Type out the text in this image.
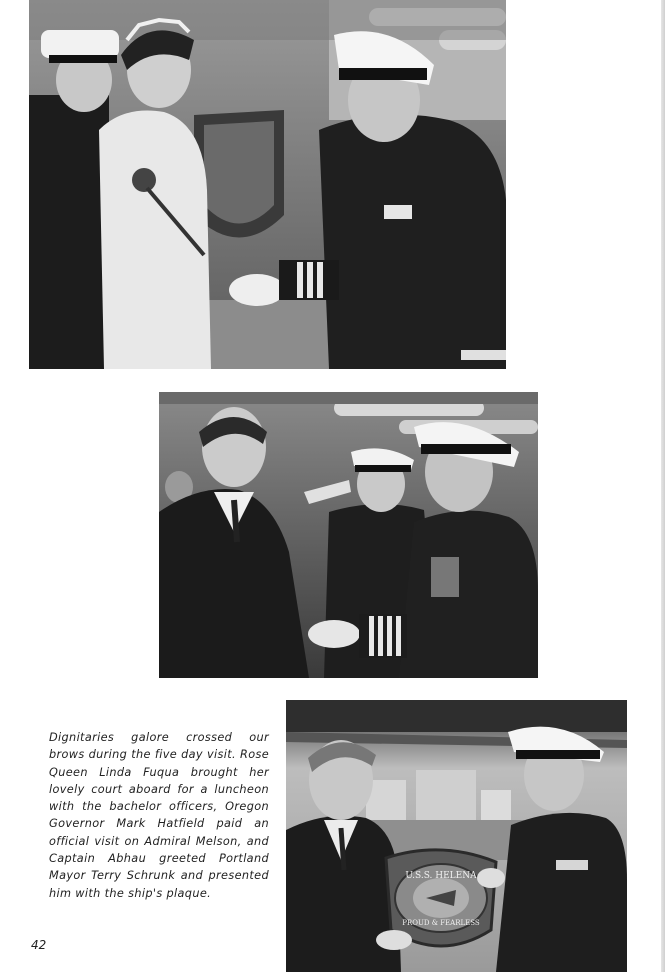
U.S.S. HELENA
PROUD & FEARLESS

Dignitaries galore crossed our brows during the five day visit. Rose Queen Linda Fuqua brought her lovely court aboard for a luncheon with the bachelor officers, Oregon Governor Mark Hatfield paid an official visit on Admiral Melson, and Captain Abhau greeted Portland Mayor Terry Schrunk and presented him with the ship's plaque.

42
